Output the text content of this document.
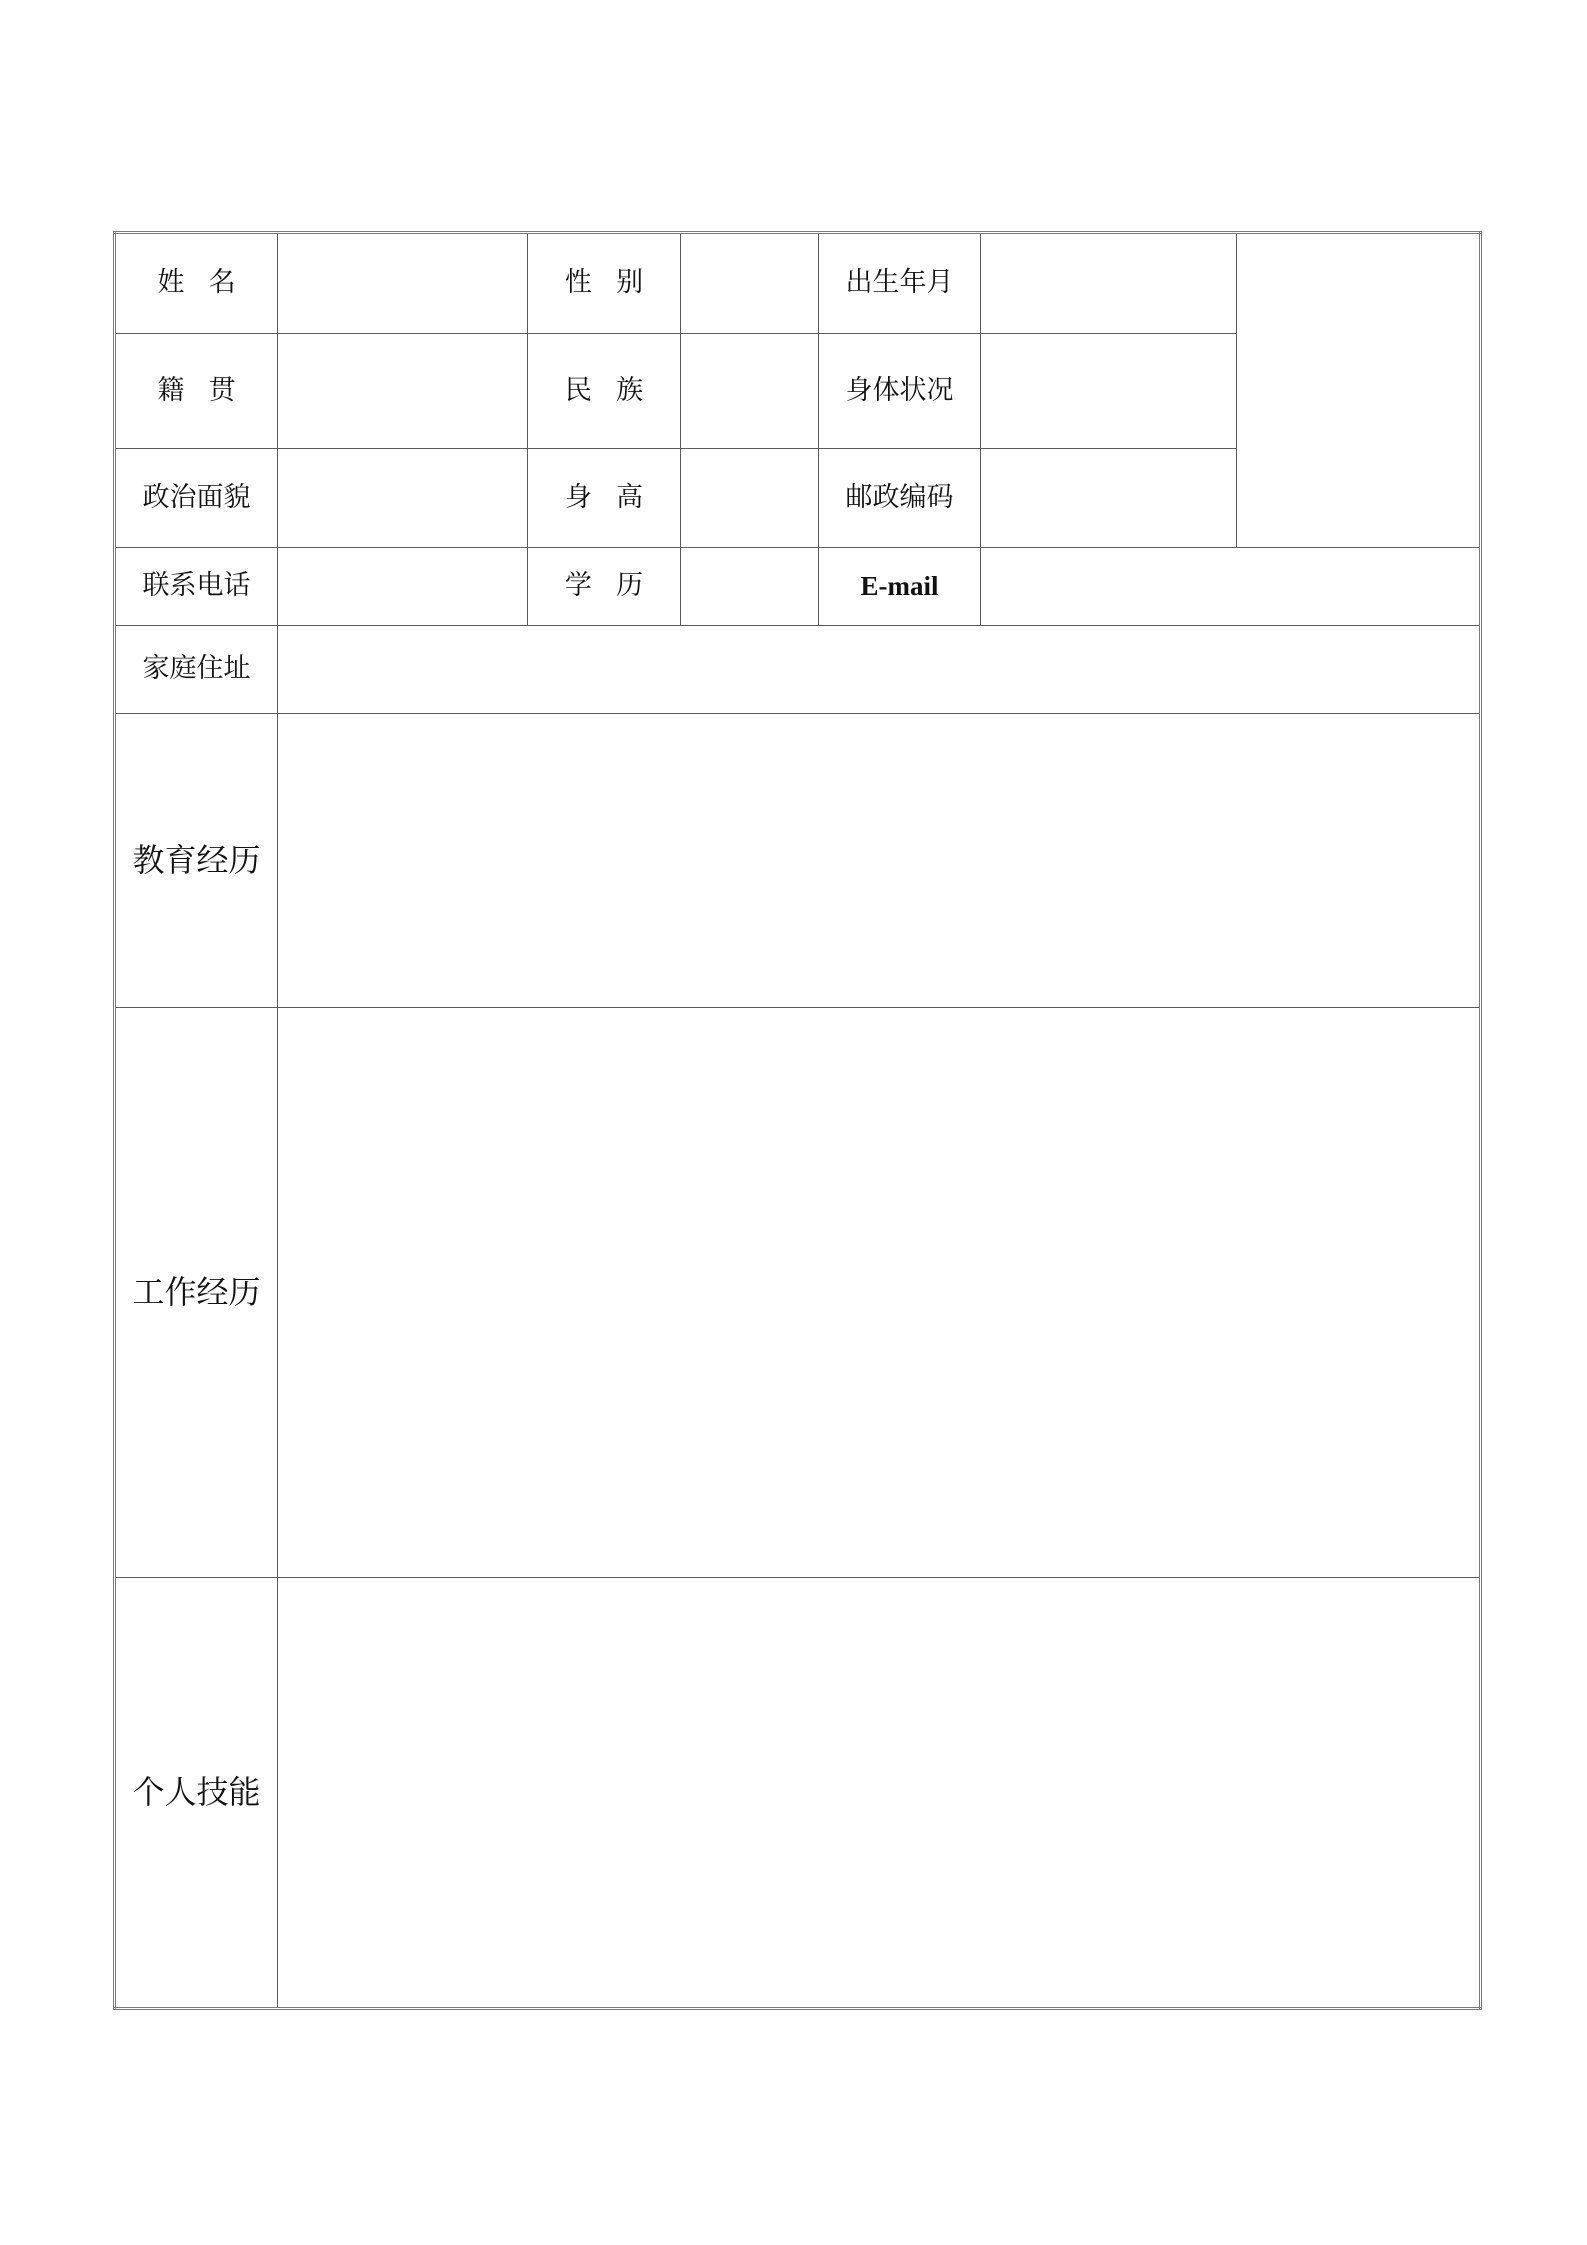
姓名		性别		出生年月		
籍贯		民族		身体状况		
政治面貌		身高		邮政编码		
联系电话		学历		E-mail		
家庭住址						
教育经历						
工作经历						
个人技能						
